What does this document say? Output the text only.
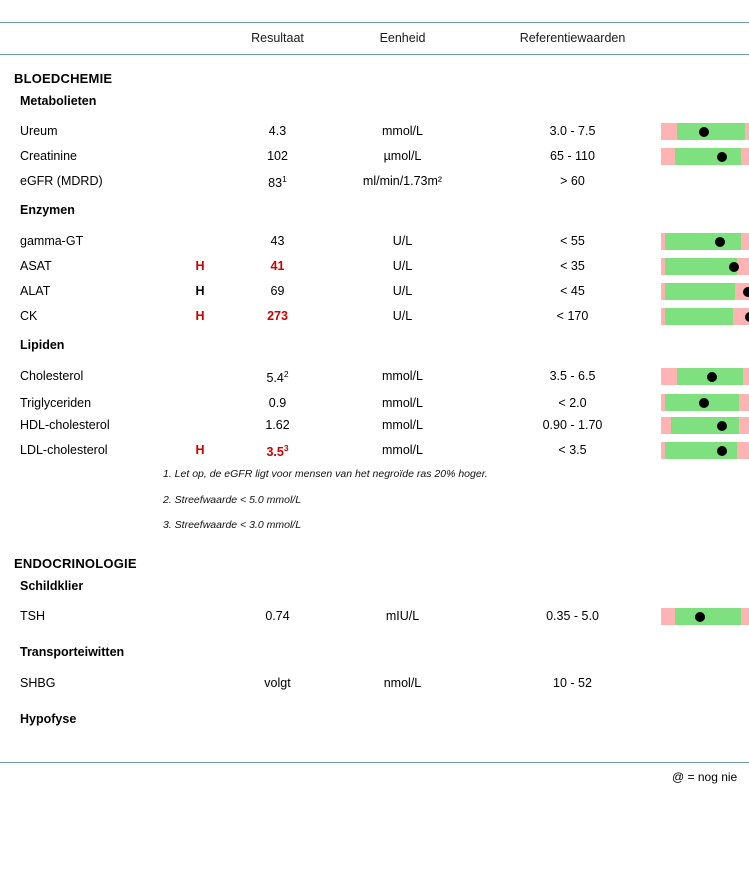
Resultaat	Eenheid	Referentiewaarden
BLOEDCHEMIE
Metabolieten
Ureum	4.3	mmol/L	3.0 - 7.5
Creatinine	102	µmol/L	65 - 110
eGFR (MDRD)	$83^1$	ml/min/1.73m²	> 60
Enzymen
gamma-GT	43	U/L	< 55
ASAT	H	41	U/L	< 35
ALAT	H	69	U/L	< 45
CK	H	273	U/L	< 170
Lipiden
Cholesterol	$5.4^2$	mmol/L	3.5 - 6.5
Triglyceriden	0.9	mmol/L	< 2.0
HDL-cholesterol	1.62	mmol/L	0.90 - 1.70
LDL-cholesterol	H	$3.5^3$	mmol/L	< 3.5
1. Let op, de eGFR ligt voor mensen van het negroïde ras 20% hoger.
2. Streefwaarde < 5.0 mmol/L
3. Streefwaarde < 3.0 mmol/L
ENDOCRINOLOGIE
Schildklier
TSH	0.74	mIU/L	0.35 - 5.0
Transporteiwitten
SHBG	volgt	nmol/L	10 - 52
Hypofyse
@ = nog nie
